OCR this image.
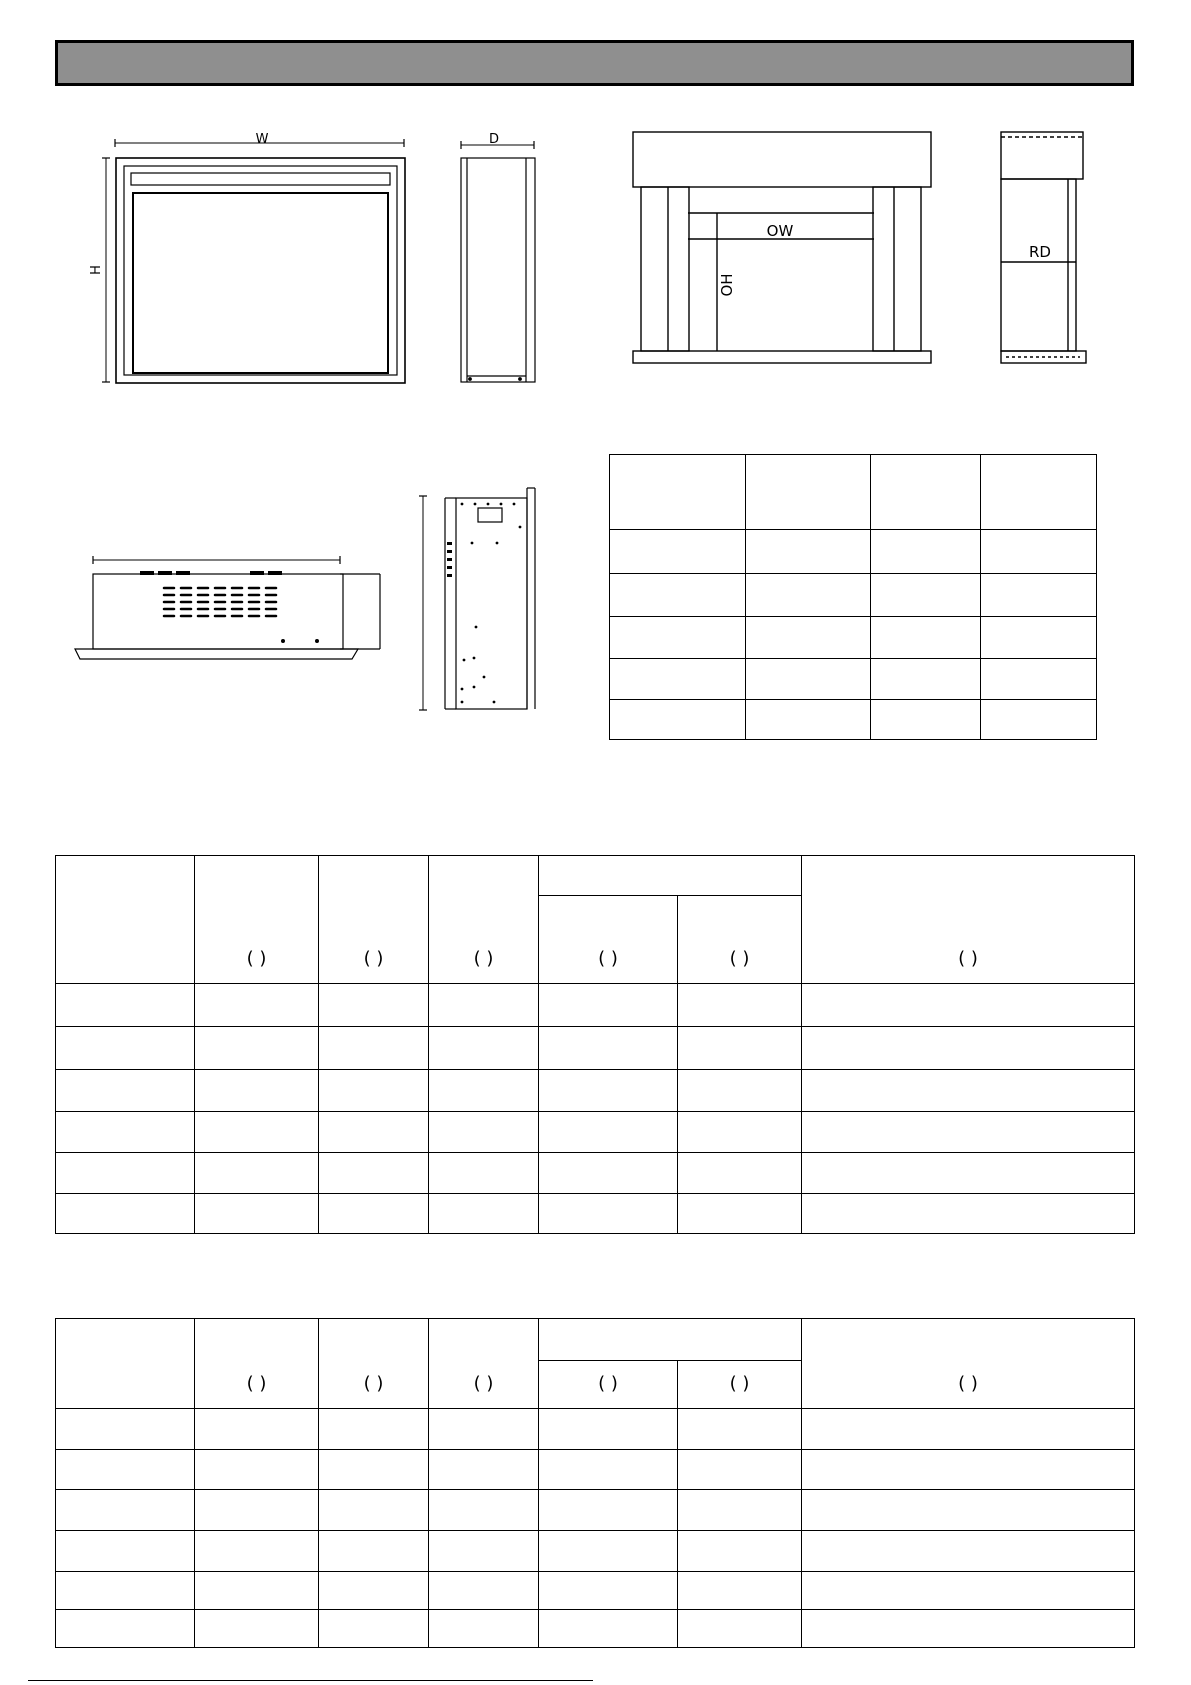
W
H
D
OW
OH
RD

	( )	( )	( )			( )
				( )	( )	

	( )	( )	( )			( )
				( )	( )	
